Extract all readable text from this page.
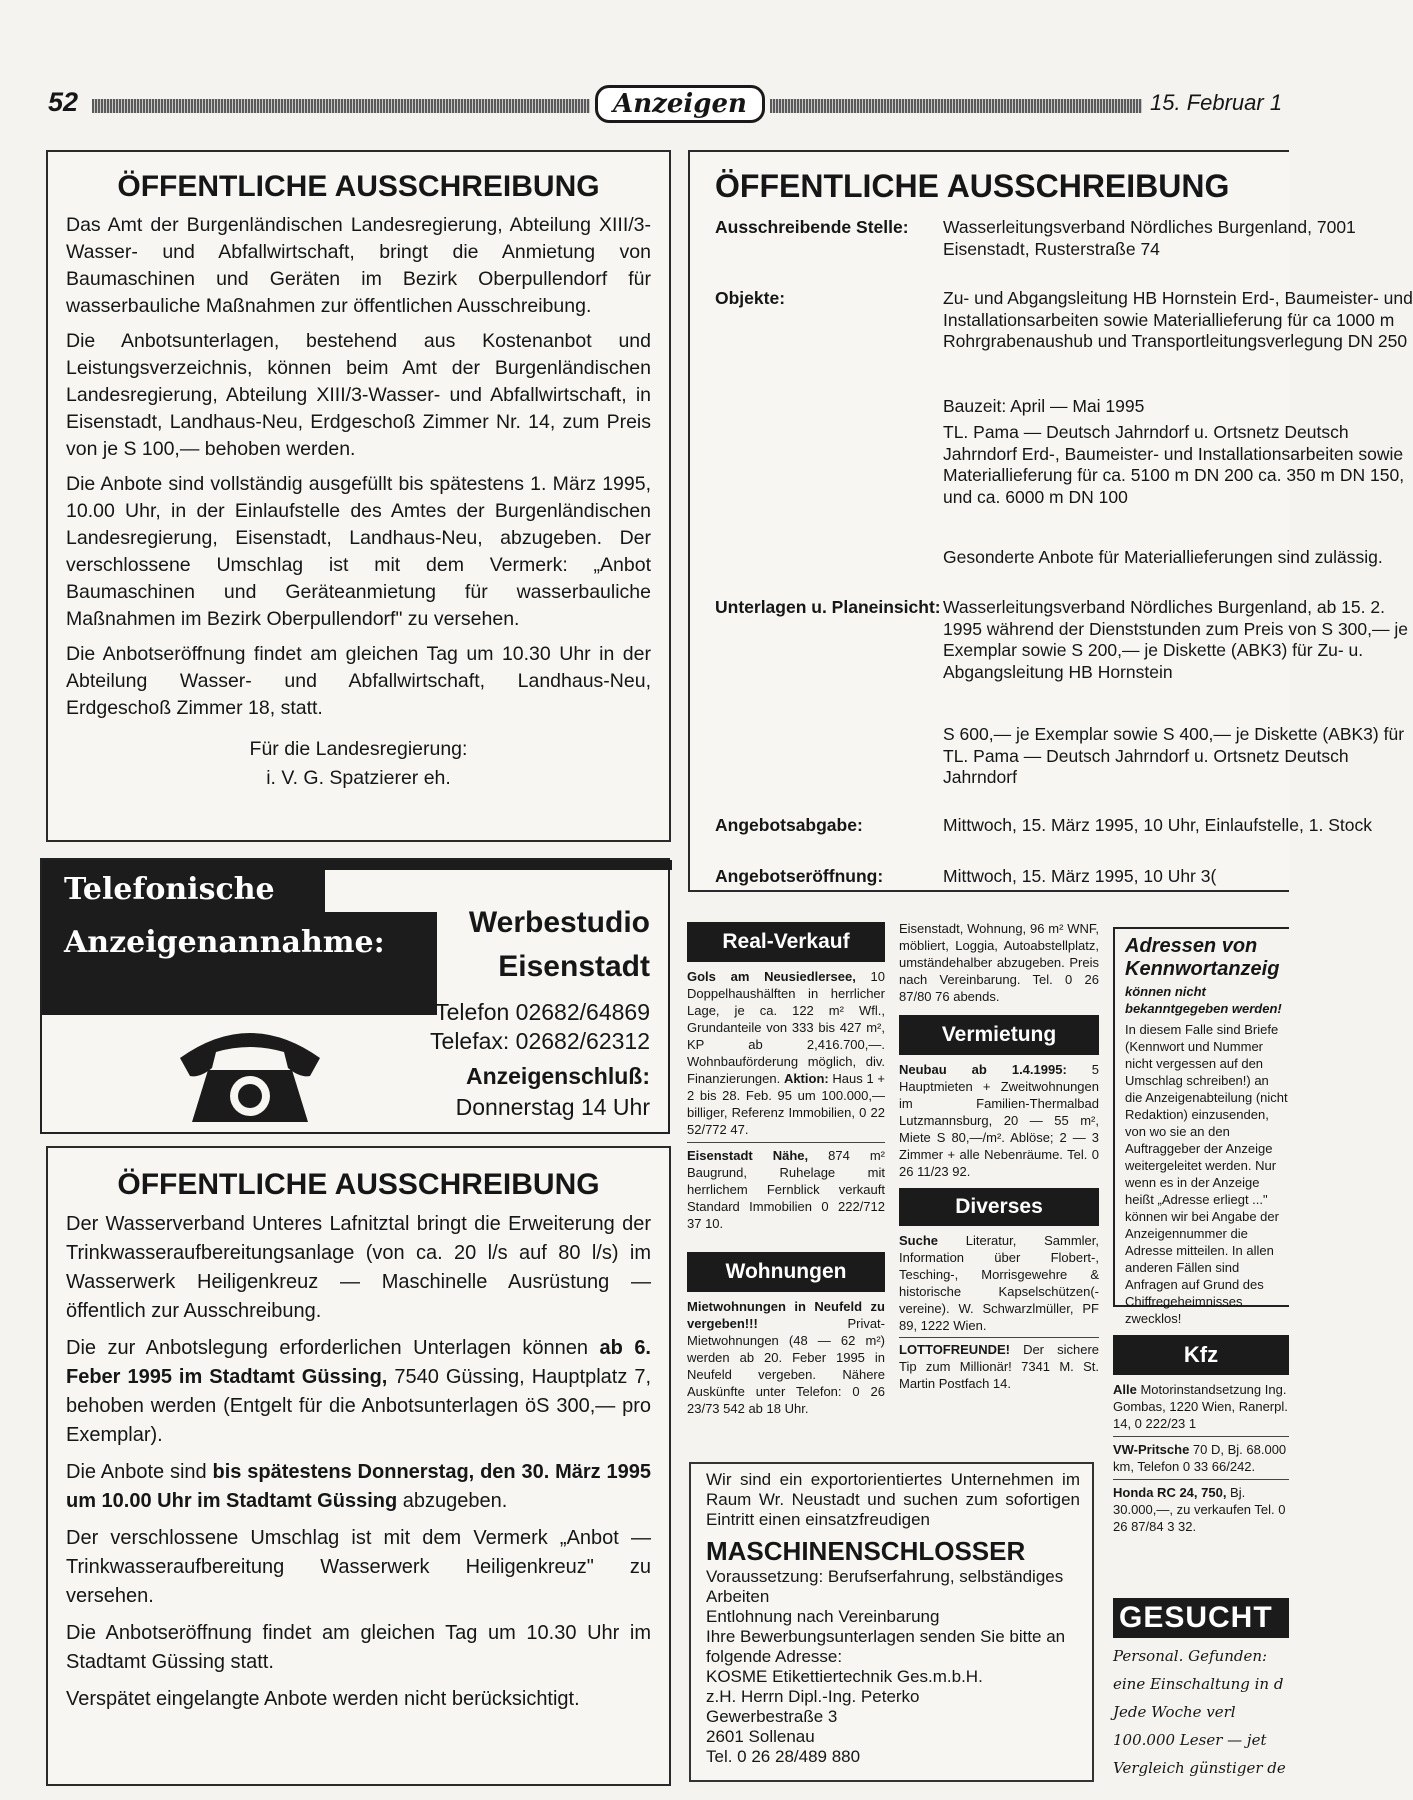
52	Anzeigen	15. Februar 1
ÖFFENTLICHE AUSSCHREIBUNG

Das Amt der Burgenländischen Landesregierung, Abteilung XIII/3-Wasser- und Abfallwirtschaft, bringt die Anmietung von Baumaschinen und Geräten im Bezirk Oberpullendorf für wasserbauliche Maßnahmen zur öffentlichen Ausschreibung.

Die Anbotsunterlagen, bestehend aus Kostenanbot und Leistungsverzeichnis, können beim Amt der Burgenländischen Landesregierung, Abteilung XIII/3-Wasser- und Abfallwirtschaft, in Eisenstadt, Landhaus-Neu, Erdgeschoß Zimmer Nr. 14, zum Preis von je S 100,— behoben werden.

Die Anbote sind vollständig ausgefüllt bis spätestens 1. März 1995, 10.00 Uhr, in der Einlaufstelle des Amtes der Burgenländischen Landesregierung, Eisenstadt, Landhaus-Neu, abzugeben. Der verschlossene Umschlag ist mit dem Vermerk: „Anbot Baumaschinen und Geräteanmietung für wasserbauliche Maßnahmen im Bezirk Oberpullendorf" zu versehen.

Die Anbotseröffnung findet am gleichen Tag um 10.30 Uhr in der Abteilung Wasser- und Abfallwirtschaft, Landhaus-Neu, Erdgeschoß Zimmer 18, statt.

Für die Landesregierung:

i. V. G. Spatzierer eh.

ÖFFENTLICHE AUSSCHREIBUNG
Ausschreibende Stelle: Wasserleitungsverband Nördliches Burgenland, 7001 Eisenstadt, Rusterstraße 74
Objekte:	Zu- und Abgangsleitung HB Hornstein Erd-, Baumeister- und Installationsarbeiten sowie Materiallieferung für ca 1000 m Rohrgrabenaushub und Transportleitungsverlegung DN 250
Bauzeit: April — Mai 1995
TL. Pama — Deutsch Jahrndorf u. Ortsnetz Deutsch Jahrndorf Erd-, Baumeister- und Installationsarbeiten sowie Materiallieferung für ca. 5100 m DN 200 ca. 350 m DN 150, und ca. 6000 m DN 100
Gesonderte Anbote für Materiallieferungen sind zulässig.
Unterlagen u. Planeinsicht: Wasserleitungsverband Nördliches Burgenland, ab 15. 2. 1995 während der Dienststunden zum Preis von S 300,— je Exemplar sowie S 200,— je Diskette (ABK3) für Zu- u. Abgangsleitung HB Hornstein
S 600,— je Exemplar sowie S 400,— je Diskette (ABK3) für TL. Pama — Deutsch Jahrndorf u. Ortsnetz Deutsch Jahrndorf
Angebotsabgabe:	Mittwoch, 15. März 1995, 10 Uhr, Einlaufstelle, 1. Stock
Angebotseröffnung:	Mittwoch, 15. März 1995, 10 Uhr 3(
Telefonische
Anzeigenannahme:
Werbestudio
Eisenstadt
Telefon 02682/64869
Telefax: 02682/62312
Anzeigenschluß:
Donnerstag 14 Uhr
ÖFFENTLICHE AUSSCHREIBUNG

Der Wasserverband Unteres Lafnitztal bringt die Erweiterung der Trinkwasseraufbereitungsanlage (von ca. 20 l/s auf 80 l/s) im Wasserwerk Heiligenkreuz — Maschinelle Ausrüstung — öffentlich zur Ausschreibung.

Die zur Anbotslegung erforderlichen Unterlagen können ab 6. Feber 1995 im Stadtamt Güssing, 7540 Güssing, Hauptplatz 7, behoben werden (Entgelt für die Anbotsunterlagen öS 300,— pro Exemplar).

Die Anbote sind bis spätestens Donnerstag, den 30. März 1995 um 10.00 Uhr im Stadtamt Güssing abzugeben.

Der verschlossene Umschlag ist mit dem Vermerk „Anbot — Trinkwasseraufbereitung Wasserwerk Heiligenkreuz" zu versehen.

Die Anbotseröffnung findet am gleichen Tag um 10.30 Uhr im Stadtamt Güssing statt.

Verspätet eingelangte Anbote werden nicht berücksichtigt.

Real-Verkauf

Gols am Neusiedlersee, 10 Doppelhaushälften in herrlicher Lage, je ca. 122 m² Wfl., Grundanteile von 333 bis 427 m², KP ab 2,416.700,—. Wohnbauförderung möglich, div. Finanzierungen. Aktion: Haus 1 + 2 bis 28. Feb. 95 um 100.000,— billiger, Referenz Immobilien, 0 22 52/772 47.

Eisenstadt Nähe, 874 m² Baugrund, Ruhelage mit herrlichem Fernblick verkauft Standard Immobilien 0 222/712 37 10.

Wohnungen

Mietwohnungen in Neufeld zu vergeben!!! Privat-Mietwohnungen (48 — 62 m²) werden ab 20. Feber 1995 in Neufeld vergeben. Nähere Auskünfte unter Telefon: 0 26 23/73 542 ab 18 Uhr.

Eisenstadt, Wohnung, 96 m² WNF, möbliert, Loggia, Autoabstellplatz, umständehalber abzugeben. Preis nach Vereinbarung. Tel. 0 26 87/80 76 abends.

Vermietung

Neubau ab 1.4.1995: 5 Hauptmieten + Zweitwohnungen im Familien-Thermalbad Lutzmannsburg, 20 — 55 m², Miete S 80,—/m². Ablöse; 2 — 3 Zimmer + alle Nebenräume. Tel. 0 26 11/23 92.

Diverses

Suche Literatur, Sammler, Information über Flobert-, Tesching-, Morrisgewehre & historische Kapselschützen(-vereine). W. Schwarzlmüller, PF 89, 1222 Wien.

LOTTOFREUNDE! Der sichere Tip zum Millionär! 7341 M. St. Martin Postfach 14.

Adressen von Kennwortanzeig
können nicht bekanntgegeben werden!

In diesem Falle sind Briefe (Kennwort und Nummer nicht vergessen auf den Umschlag schreiben!) an die Anzeigenabteilung (nicht Redaktion) einzusenden, von wo sie an den Auftraggeber der Anzeige weitergeleitet werden. Nur wenn es in der Anzeige heißt „Adresse erliegt ..." können wir bei Angabe der Anzeigennummer die Adresse mitteilen. In allen anderen Fällen sind Anfragen auf Grund des Chiffregeheimnisses zwecklos!

Kfz

Alle Motorinstandsetzung Ing. Gombas, 1220 Wien, Ranerpl. 14, 0 222/23 1

VW-Pritsche 70 D, Bj. 68.000 km, Telefon 0 33 66/242.

Honda RC 24, 750, Bj. 30.000,—, zu verkaufen Tel. 0 26 87/84 3 32.

GESUCHT
Personal. Gefunden:
eine Einschaltung in d
Jede Woche verl
100.000 Leser — jet
Vergleich günstiger de

Wir sind ein exportorientiertes Unternehmen im Raum Wr. Neustadt und suchen zum sofortigen Eintritt einen einsatzfreudigen

MASCHINENSCHLOSSER

Voraussetzung: Berufserfahrung, selbständiges Arbeiten

Entlohnung nach Vereinbarung

Ihre Bewerbungsunterlagen senden Sie bitte an folgende Adresse:

KOSME Etikettiertechnik Ges.m.b.H.

z.H. Herrn Dipl.-Ing. Peterko

Gewerbestraße 3

2601 Sollenau

Tel. 0 26 28/489 880
